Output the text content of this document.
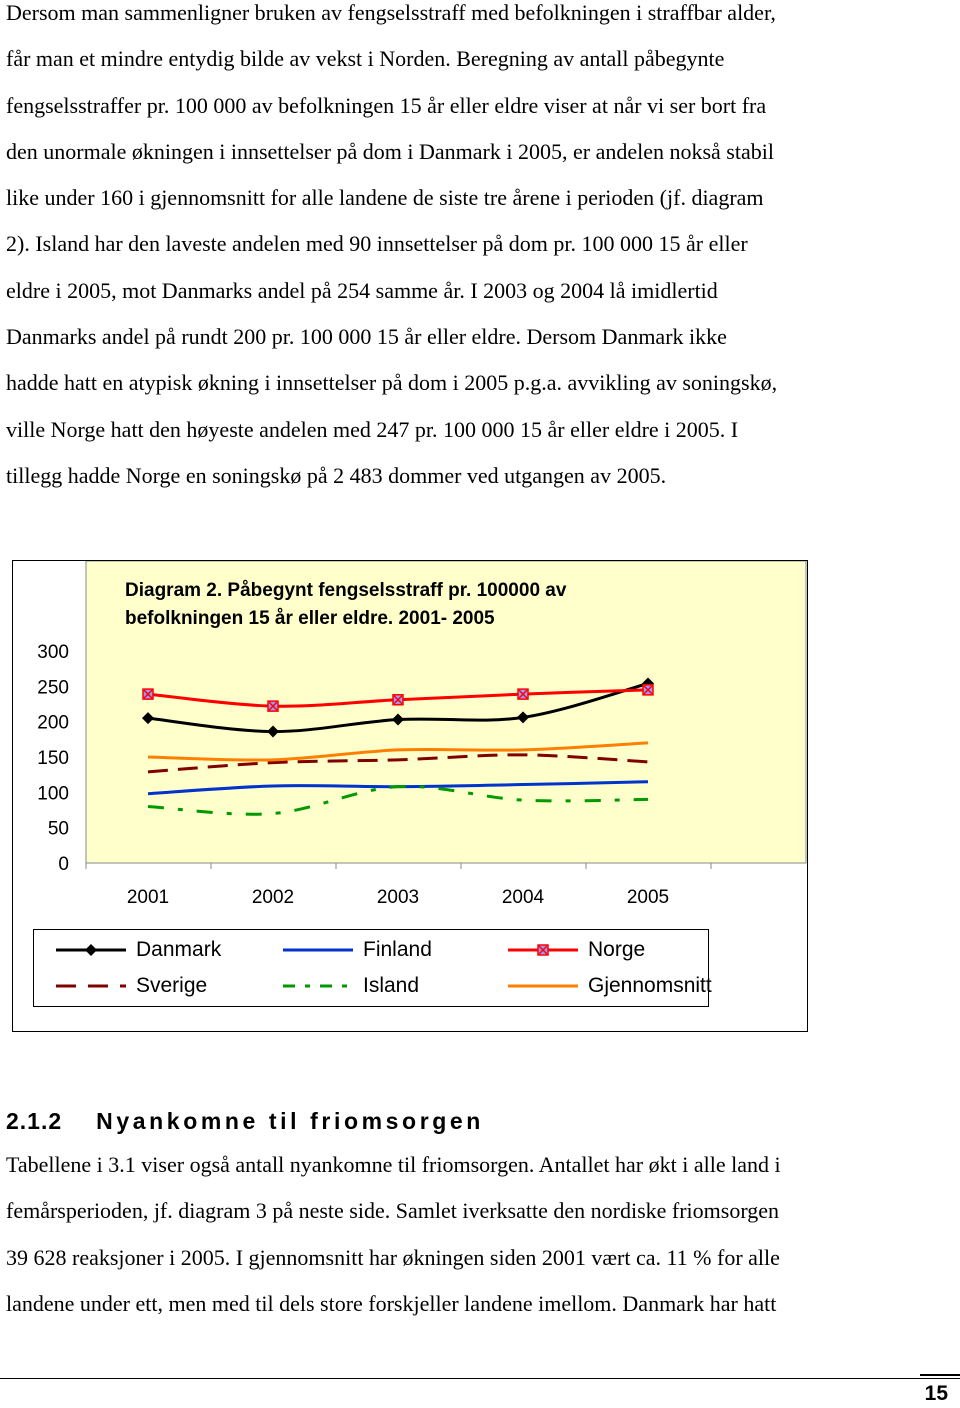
Dersom man sammenligner bruken av fengselsstraff med befolkningen i straffbar alder,
får man et mindre entydig bilde av vekst i Norden. Beregning av antall påbegynte
fengselsstraffer pr. 100 000 av befolkningen 15 år eller eldre viser at når vi ser bort fra
den unormale økningen i innsettelser på dom i Danmark i 2005, er andelen nokså stabil
like under 160 i gjennomsnitt for alle landene de siste tre årene i perioden (jf. diagram
2). Island har den laveste andelen med 90 innsettelser på dom pr. 100 000 15 år eller
eldre i 2005, mot Danmarks andel på 254 samme år. I 2003 og 2004 lå imidlertid
Danmarks andel på rundt 200 pr. 100 000 15 år eller eldre. Dersom Danmark ikke
hadde hatt en atypisk økning i innsettelser på dom i 2005 p.g.a. avvikling av soningskø,
ville Norge hatt den høyeste andelen med 247 pr. 100 000 15 år eller eldre i 2005. I
tillegg hadde Norge en soningskø på 2 483 dommer ved utgangen av 2005.
300
250
200
150
100
50
0
2001	2002	2003	2004	2005
Diagram 2. Påbegynt fengselsstraff pr. 100000 av befolkningen 15 år eller eldre. 2001- 2005
Danmark	Finland	Norge
Sverige	Island	Gjennomsnitt
2.1.2 Nyankomne til friomsorgen
Tabellene i 3.1 viser også antall nyankomne til friomsorgen. Antallet har økt i alle land i
femårsperioden, jf. diagram 3 på neste side. Samlet iverksatte den nordiske friomsorgen
39 628 reaksjoner i 2005. I gjennomsnitt har økningen siden 2001 vært ca. 11 % for alle
landene under ett, men med til dels store forskjeller landene imellom. Danmark har hatt
15
